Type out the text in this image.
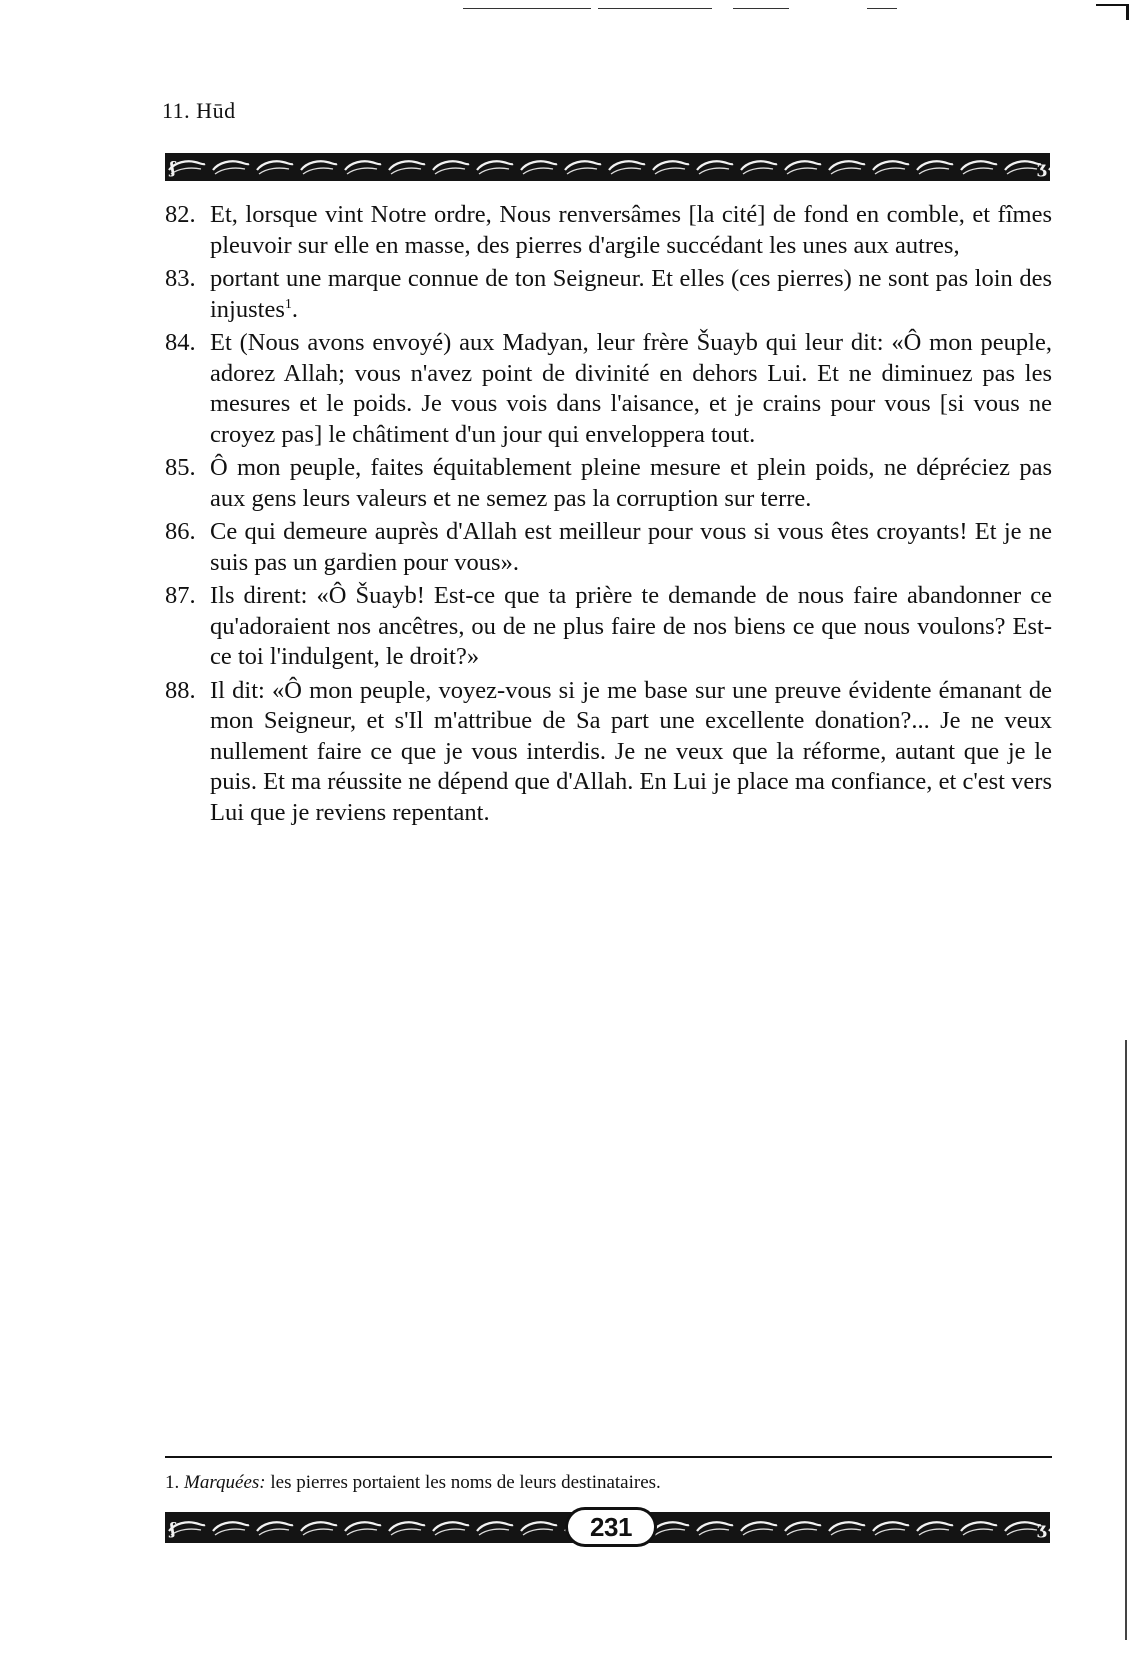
11. Hūd
ʃ	ʒ
82. Et, lorsque vint Notre ordre, Nous renversâmes [la cité] de fond en comble, et fîmes pleuvoir sur elle en masse, des pierres d'argile succédant les unes aux autres,
83. portant une marque connue de ton Seigneur. Et elles (ces pierres) ne sont pas loin des injustes$^1$.
84. Et (Nous avons envoyé) aux Madyan, leur frère Šuayb qui leur dit: «Ô mon peuple, adorez Allah; vous n'avez point de divinité en dehors Lui. Et ne diminuez pas les mesures et le poids. Je vous vois dans l'aisance, et je crains pour vous [si vous ne croyez pas] le châtiment d'un jour qui enveloppera tout.
85. Ô mon peuple, faites équitablement pleine mesure et plein poids, ne dépréciez pas aux gens leurs valeurs et ne semez pas la corruption sur terre.
86. Ce qui demeure auprès d'Allah est meilleur pour vous si vous êtes croyants! Et je ne suis pas un gardien pour vous».
87. Ils dirent: «Ô Šuayb! Est-ce que ta prière te demande de nous faire abandonner ce qu'adoraient nos ancêtres, ou de ne plus faire de nos biens ce que nous voulons? Est-ce toi l'indulgent, le droit?»
88. Il dit: «Ô mon peuple, voyez-vous si je me base sur une preuve évidente émanant de mon Seigneur, et s'Il m'attribue de Sa part une excellente donation?... Je ne veux nullement faire ce que je vous interdis. Je ne veux que la réforme, autant que je le puis. Et ma réussite ne dépend que d'Allah. En Lui je place ma confiance, et c'est vers Lui que je reviens repentant.
1. Marquées: les pierres portaient les noms de leurs destinataires.
ʃ	ʒ
231
